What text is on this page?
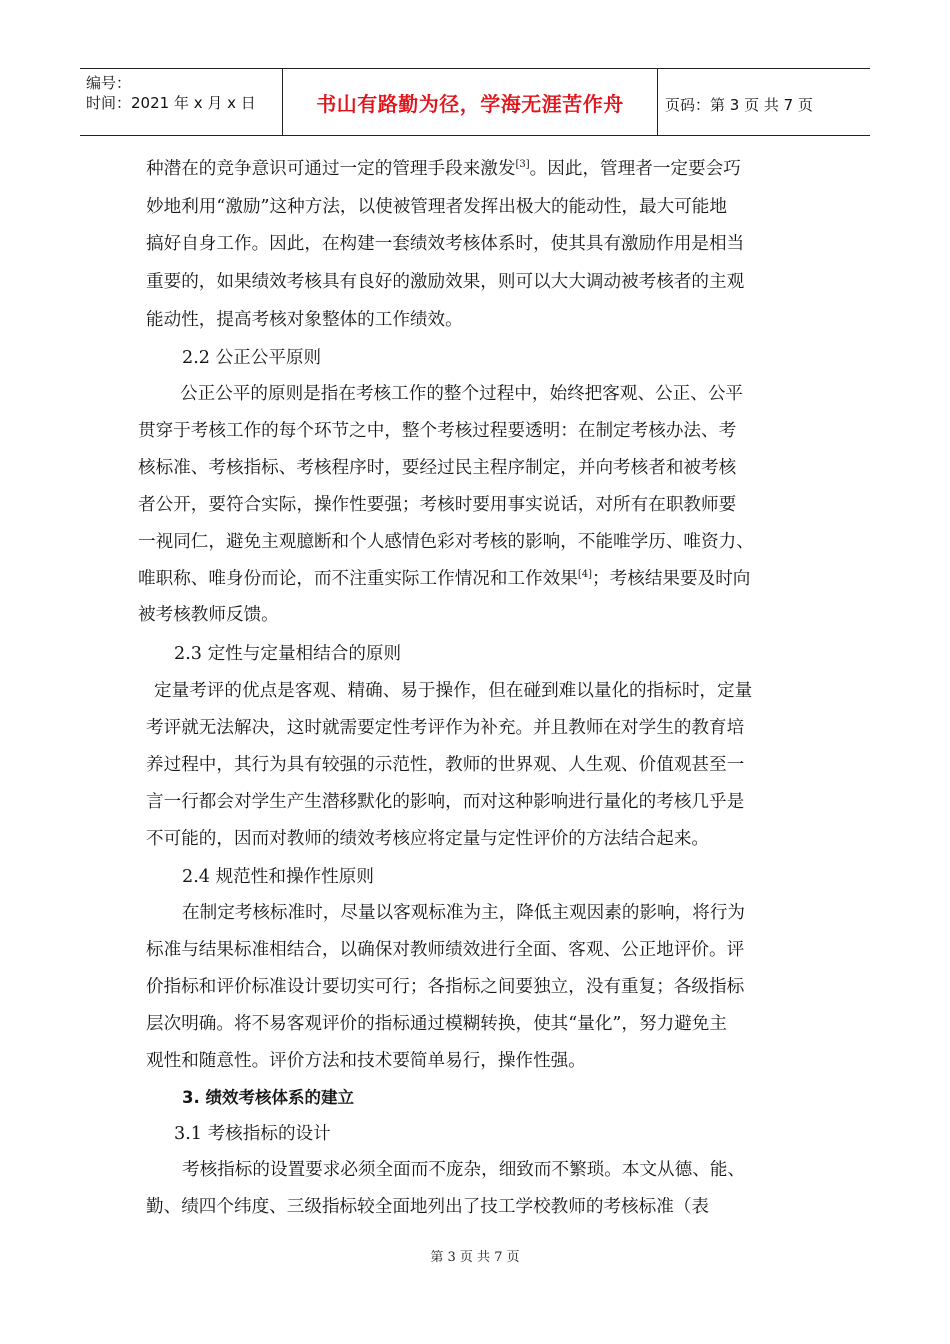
编号：
时间：2021 年 x 月 x 日	书山有路勤为径，学海无涯苦作舟	页码：第 3 页 共 7 页
种潜在的竞争意识可通过一定的管理手段来激发[3]。因此，管理者一定要会巧
妙地利用“激励”这种方法，以使被管理者发挥出极大的能动性，最大可能地
搞好自身工作。因此，在构建一套绩效考核体系时，使其具有激励作用是相当
重要的，如果绩效考核具有良好的激励效果，则可以大大调动被考核者的主观
能动性，提高考核对象整体的工作绩效。
2.2 公正公平原则
公正公平的原则是指在考核工作的整个过程中，始终把客观、公正、公平
贯穿于考核工作的每个环节之中，整个考核过程要透明：在制定考核办法、考
核标准、考核指标、考核程序时，要经过民主程序制定，并向考核者和被考核
者公开，要符合实际，操作性要强；考核时要用事实说话，对所有在职教师要
一视同仁，避免主观臆断和个人感情色彩对考核的影响，不能唯学历、唯资力、
唯职称、唯身份而论，而不注重实际工作情况和工作效果[4]；考核结果要及时向
被考核教师反馈。
2.3 定性与定量相结合的原则
定量考评的优点是客观、精确、易于操作，但在碰到难以量化的指标时，定量
考评就无法解决，这时就需要定性考评作为补充。并且教师在对学生的教育培
养过程中，其行为具有较强的示范性，教师的世界观、人生观、价值观甚至一
言一行都会对学生产生潜移默化的影响，而对这种影响进行量化的考核几乎是
不可能的，因而对教师的绩效考核应将定量与定性评价的方法结合起来。
2.4 规范性和操作性原则
在制定考核标准时，尽量以客观标准为主，降低主观因素的影响，将行为
标准与结果标准相结合，以确保对教师绩效进行全面、客观、公正地评价。评
价指标和评价标准设计要切实可行；各指标之间要独立，没有重复；各级指标
层次明确。将不易客观评价的指标通过模糊转换，使其“量化”，努力避免主
观性和随意性。评价方法和技术要简单易行，操作性强。
3. 绩效考核体系的建立
3.1 考核指标的设计
考核指标的设置要求必须全面而不庞杂，细致而不繁琐。本文从德、能、
勤、绩四个纬度、三级指标较全面地列出了技工学校教师的考核标准（表
第 3 页 共 7 页
